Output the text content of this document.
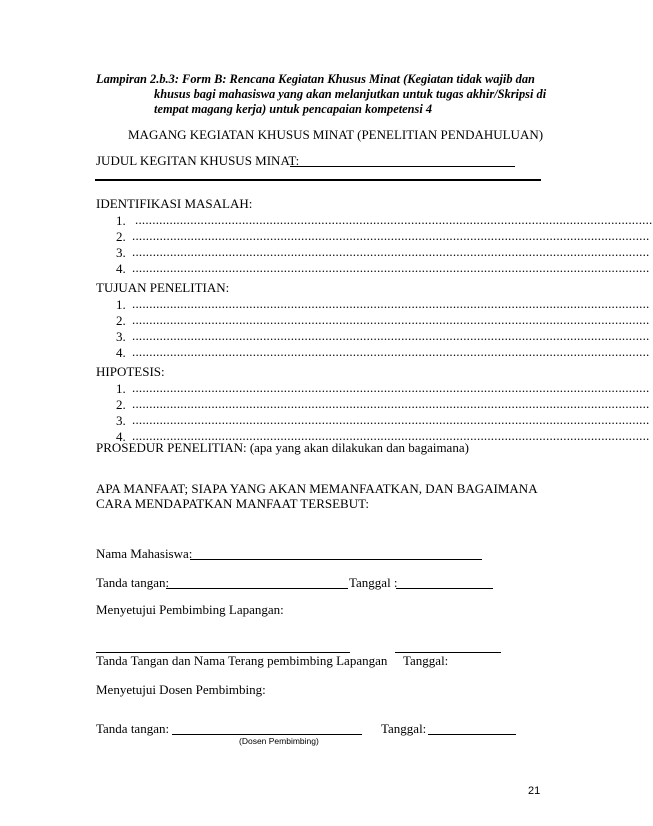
Lampiran 2.b.3: Form B: Rencana Kegiatan Khusus Minat (Kegiatan tidak wajib dan
khusus bagi mahasiswa yang akan melanjutkan untuk tugas akhir/Skripsi di
tempat magang kerja) untuk pencapaian kompetensi 4
MAGANG KEGIATAN KHUSUS MINAT (PENELITIAN PENDAHULUAN)
JUDUL KEGITAN KHUSUS MINAT:
IDENTIFIKASI MASALAH:
1. ......................................................................................................................................................
2. ......................................................................................................................................................
3. ......................................................................................................................................................
4. ......................................................................................................................................................
TUJUAN PENELITIAN:
1. ......................................................................................................................................................
2. ......................................................................................................................................................
3. ......................................................................................................................................................
4. ......................................................................................................................................................
HIPOTESIS:
1. ......................................................................................................................................................
2. ......................................................................................................................................................
3. ......................................................................................................................................................
4. ......................................................................................................................................................
PROSEDUR PENELITIAN: (apa yang akan dilakukan dan bagaimana)
APA MANFAAT; SIAPA YANG AKAN MEMANFAATKAN, DAN BAGAIMANA
CARA MENDAPATKAN MANFAAT TERSEBUT:
Nama Mahasiswa:
Tanda tangan:	Tanggal :
Menyetujui Pembimbing Lapangan:
Tanda Tangan dan Nama Terang pembimbing Lapangan Tanggal:
Menyetujui Dosen Pembimbing:
Tanda tangan:	Tanggal:
(Dosen Pembimbing)
21
